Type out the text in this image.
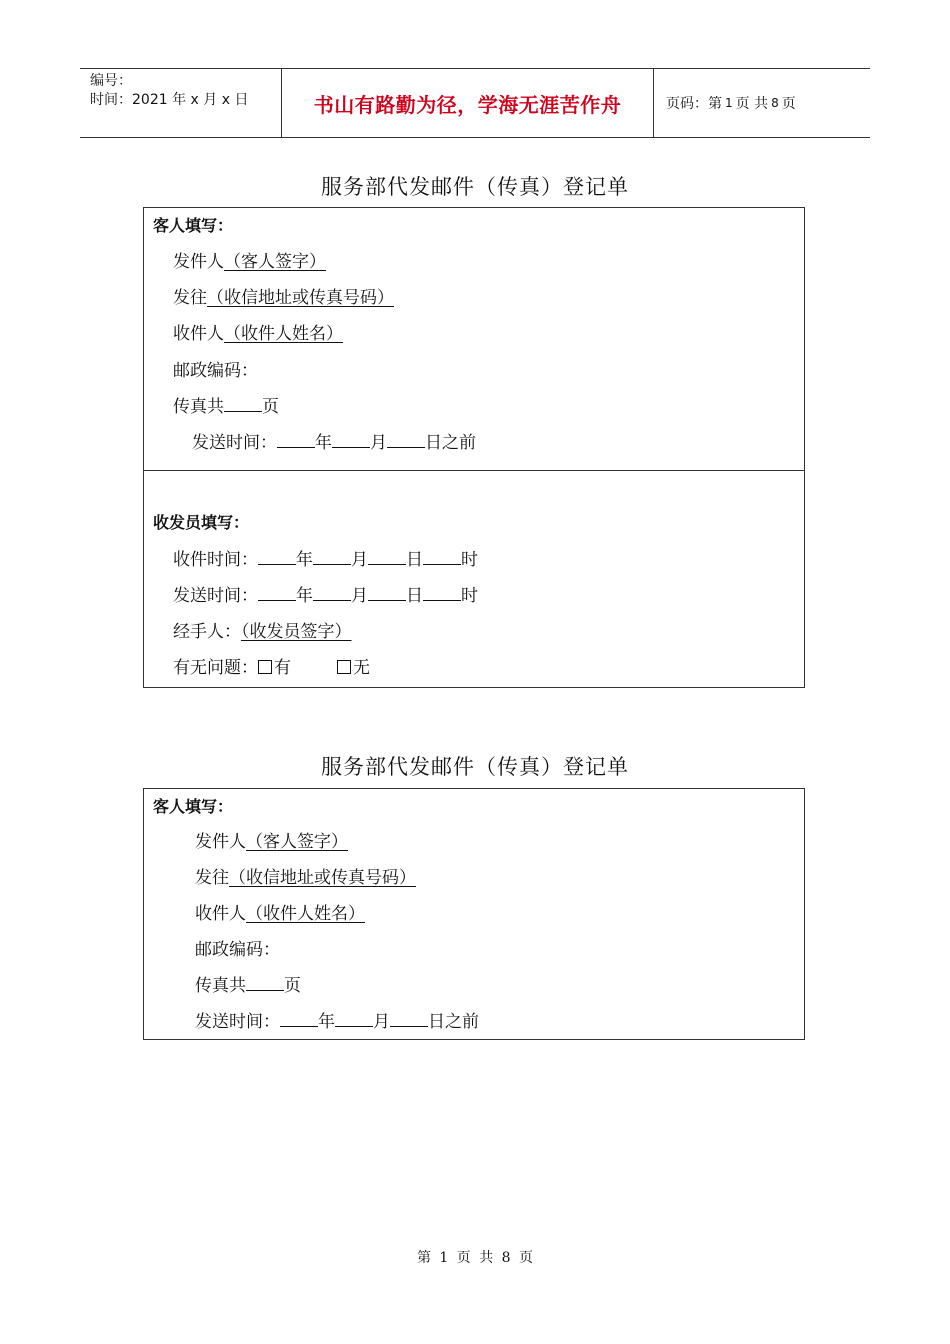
编号：
时间：2021 年 x 月 x 日	书山有路勤为径，学海无涯苦作舟	页码：第 1 页 共 8 页
服务部代发邮件（传真）登记单
客人填写：
发件人（客人签字）
发往（收信地址或传真号码）
收件人（收件人姓名）
邮政编码：
传真共 页
发送时间： 年 月 日之前
收发员填写：
收件时间： 年 月 日 时
发送时间： 年 月 日 时
经手人：（收发员签字）
有无问题： 有	无
服务部代发邮件（传真）登记单
客人填写：
发件人（客人签字）
发往（收信地址或传真号码）
收件人（收件人姓名）
邮政编码：
传真共 页
发送时间： 年 月 日之前
第 1 页 共 8 页
